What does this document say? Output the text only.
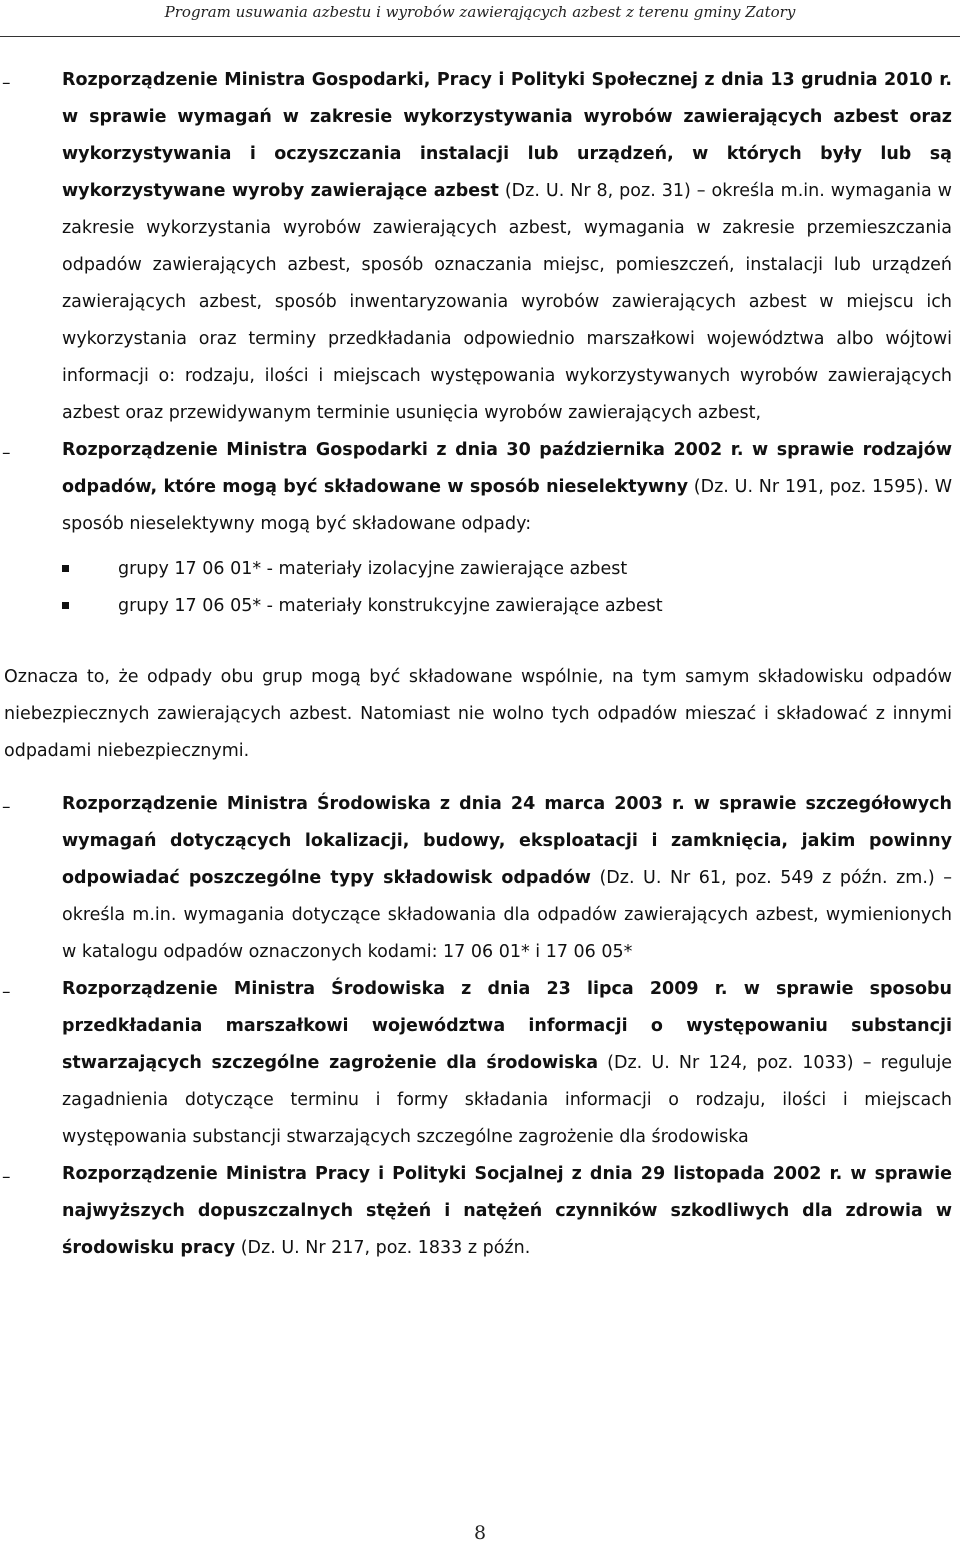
Program usuwania azbestu i wyrobów zawierających azbest z terenu gminy Zatory
–	Rozporządzenie Ministra Gospodarki, Pracy i Polityki Społecznej z dnia 13 grudnia 2010 r. w sprawie wymagań w zakresie wykorzystywania wyrobów zawierających azbest oraz wykorzystywania i oczyszczania instalacji lub urządzeń, w których były lub są wykorzystywane wyroby zawierające azbest (Dz. U. Nr 8, poz. 31) – określa m.in. wymagania w zakresie wykorzystania wyrobów zawierających azbest, wymagania w zakresie przemieszczania odpadów zawierających azbest, sposób oznaczania miejsc, pomieszczeń, instalacji lub urządzeń zawierających azbest, sposób inwentaryzowania wyrobów zawierających azbest w miejscu ich wykorzystania oraz terminy przedkładania odpowiednio marszałkowi województwa albo wójtowi informacji o: rodzaju, ilości i miejscach występowania wykorzystywanych wyrobów zawierających azbest oraz przewidywanym terminie usunięcia wyrobów zawierających azbest,

–	Rozporządzenie Ministra Gospodarki z dnia 30 października 2002 r. w sprawie rodzajów odpadów, które mogą być składowane w sposób nieselektywny (Dz. U. Nr 191, poz. 1595). W sposób nieselektywny mogą być składowane odpady:

grupy 17 06 01* - materiały izolacyjne zawierające azbest
grupy 17 06 05* - materiały konstrukcyjne zawierające azbest

Oznacza to, że odpady obu grup mogą być składowane wspólnie, na tym samym składowisku odpadów niebezpiecznych zawierających azbest. Natomiast nie wolno tych odpadów mieszać i składować z innymi odpadami niebezpiecznymi.

–	Rozporządzenie Ministra Środowiska z dnia 24 marca 2003 r. w sprawie szczegółowych wymagań dotyczących lokalizacji, budowy, eksploatacji i zamknięcia, jakim powinny odpowiadać poszczególne typy składowisk odpadów (Dz. U. Nr 61, poz. 549 z późn. zm.) – określa m.in. wymagania dotyczące składowania dla odpadów zawierających azbest, wymienionych w katalogu odpadów oznaczonych kodami: 17 06 01* i 17 06 05*

–	Rozporządzenie Ministra Środowiska z dnia 23 lipca 2009 r. w sprawie sposobu przedkładania marszałkowi województwa informacji o występowaniu substancji stwarzających szczególne zagrożenie dla środowiska (Dz. U. Nr 124, poz. 1033) – reguluje zagadnienia dotyczące terminu i formy składania informacji o rodzaju, ilości i miejscach występowania substancji stwarzających szczególne zagrożenie dla środowiska

–	Rozporządzenie Ministra Pracy i Polityki Socjalnej z dnia 29 listopada 2002 r. w sprawie najwyższych dopuszczalnych stężeń i natężeń czynników szkodliwych dla zdrowia w środowisku pracy (Dz. U. Nr 217, poz. 1833 z późn.

8
